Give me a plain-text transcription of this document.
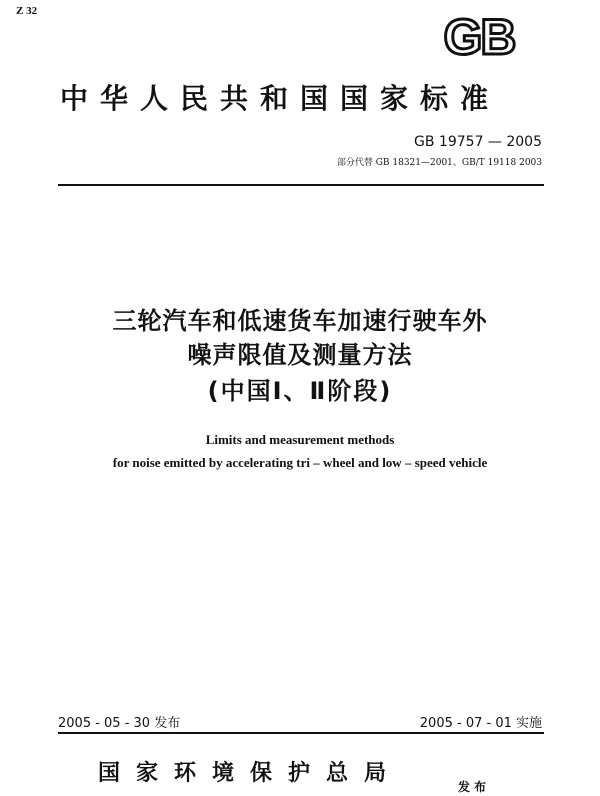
Z 32	GB
中华人民共和国国家标准
GB 19757 — 2005
部分代替 GB 18321—2001、GB/T 19118 2003
三轮汽车和低速货车加速行驶车外
噪声限值及测量方法
(中国Ⅰ、Ⅱ阶段)
Limits and measurement methods
for noise emitted by accelerating tri – wheel and low – speed vehicle
2005 - 05 - 30 发布	2005 - 07 - 01 实施
国家环境保护总局
发布
